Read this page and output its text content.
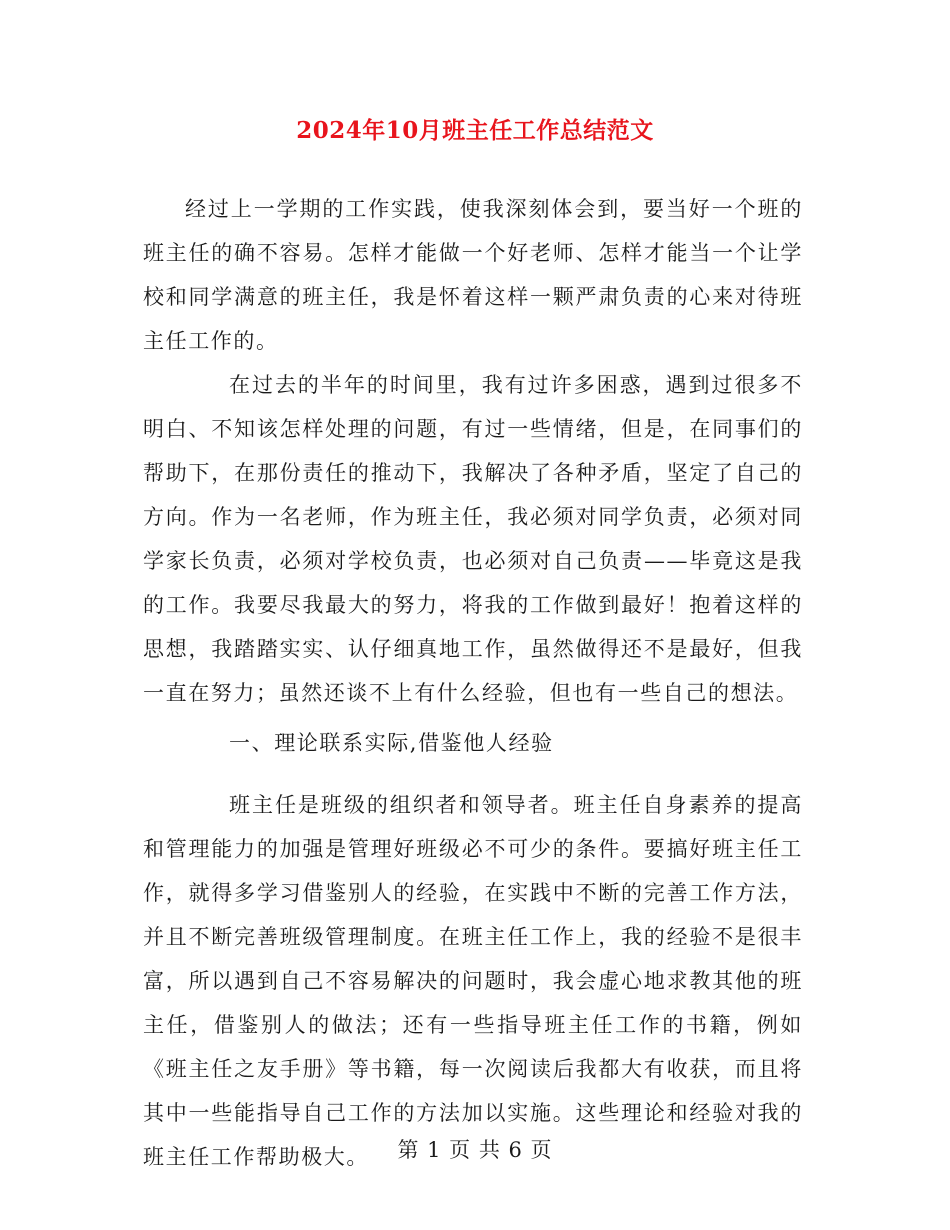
2024年10月班主任工作总结范文

经过上一学期的工作实践，使我深刻体会到，要当好一个班的班主任的确不容易。怎样才能做一个好老师、怎样才能当一个让学校和同学满意的班主任，我是怀着这样一颗严肃负责的心来对待班主任工作的。

在过去的半年的时间里，我有过许多困惑，遇到过很多不明白、不知该怎样处理的问题，有过一些情绪，但是，在同事们的帮助下，在那份责任的推动下，我解决了各种矛盾，坚定了自己的方向。作为一名老师，作为班主任，我必须对同学负责，必须对同学家长负责，必须对学校负责，也必须对自己负责——毕竟这是我的工作。我要尽我最大的努力，将我的工作做到最好！抱着这样的思想，我踏踏实实、认仔细真地工作，虽然做得还不是最好，但我一直在努力；虽然还谈不上有什么经验，但也有一些自己的想法。

一、理论联系实际,借鉴他人经验

班主任是班级的组织者和领导者。班主任自身素养的提高和管理能力的加强是管理好班级必不可少的条件。要搞好班主任工作，就得多学习借鉴别人的经验，在实践中不断的完善工作方法，并且不断完善班级管理制度。在班主任工作上，我的经验不是很丰富，所以遇到自己不容易解决的问题时，我会虚心地求教其他的班主任，借鉴别人的做法；还有一些指导班主任工作的书籍，例如《班主任之友手册》等书籍，每一次阅读后我都大有收获，而且将其中一些能指导自己工作的方法加以实施。这些理论和经验对我的班主任工作帮助极大。	第 1 页 共 6 页
